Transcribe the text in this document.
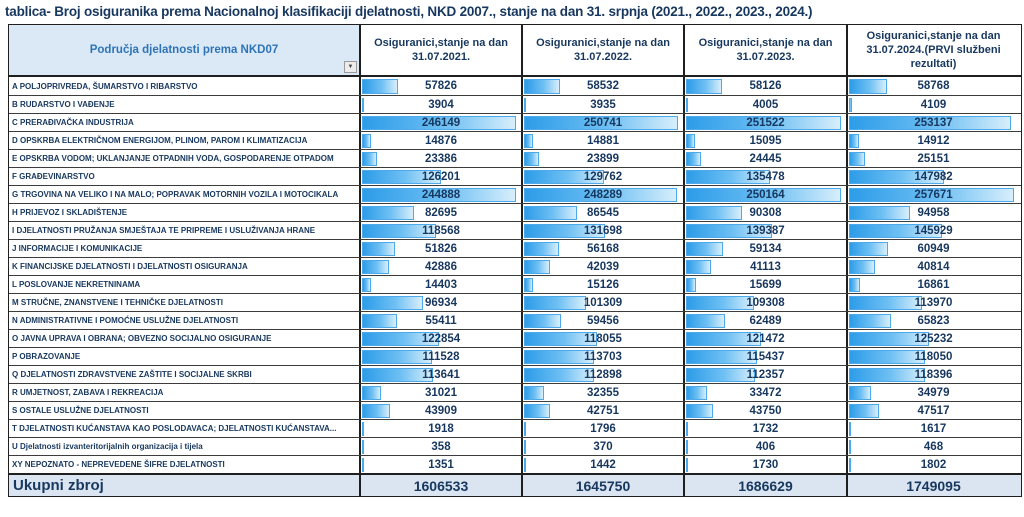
tablica- Broj osiguranika prema Nacionalnoj klasifikaciji djelatnosti, NKD 2007., stanje na dan 31. srpnja (2021., 2022., 2023., 2024.)
Područja djelatnosti prema NKD07
▼
Osiguranici,stanje na dan 31.07.2021.
Osiguranici,stanje na dan 31.07.2022.
Osiguranici,stanje na dan 31.07.2023.
Osiguranici,stanje na dan 31.07.2024.(PRVI službeni rezultati)
A POLJOPRIVREDA, ŠUMARSTVO I RIBARSTVO	57826	58532	58126	58768
B RUDARSTVO I VAĐENJE	3904	3935	4005	4109
C PRERAĐIVAČKA INDUSTRIJA	246149	250741	251522	253137
D OPSKRBA ELEKTRIČNOM ENERGIJOM, PLINOM, PAROM I KLIMATIZACIJA	14876	14881	15095	14912
E OPSKRBA VODOM; UKLANJANJE OTPADNIH VODA, GOSPODARENJE OTPADOM	23386	23899	24445	25151
F GRAĐEVINARSTVO	126201	129762	135478	147982
G TRGOVINA NA VELIKO I NA MALO; POPRAVAK MOTORNIH VOZILA I MOTOCIKALA	244888	248289	250164	257671
H PRIJEVOZ I SKLADIŠTENJE	82695	86545	90308	94958
I DJELATNOSTI PRUŽANJA SMJEŠTAJA TE PRIPREME I USLUŽIVANJA HRANE	118568	131698	139387	145929
J INFORMACIJE I KOMUNIKACIJE	51826	56168	59134	60949
K FINANCIJSKE DJELATNOSTI I DJELATNOSTI OSIGURANJA	42886	42039	41113	40814
L POSLOVANJE NEKRETNINAMA	14403	15126	15699	16861
M STRUČNE, ZNANSTVENE I TEHNIČKE DJELATNOSTI	96934	101309	109308	113970
N ADMINISTRATIVNE I POMOĆNE USLUŽNE DJELATNOSTI	55411	59456	62489	65823
O JAVNA UPRAVA I OBRANA; OBVEZNO SOCIJALNO OSIGURANJE	122854	118055	121472	125232
P OBRAZOVANJE	111528	113703	115437	118050
Q DJELATNOSTI ZDRAVSTVENE ZAŠTITE I SOCIJALNE SKRBI	113641	112898	112357	118396
R UMJETNOST, ZABAVA I REKREACIJA	31021	32355	33472	34979
S OSTALE USLUŽNE DJELATNOSTI	43909	42751	43750	47517
T DJELATNOSTI KUĆANSTAVA KAO POSLODAVACA; DJELATNOSTI KUĆANSTAVA...	1918	1796	1732	1617
U Djelatnosti izvanteritorijalnih organizacija i tijela	358	370	406	468
XY NEPOZNATO - NEPREVEDENE ŠIFRE DJELATNOSTI	1351	1442	1730	1802
Ukupni zbroj	1606533	1645750	1686629	1749095
